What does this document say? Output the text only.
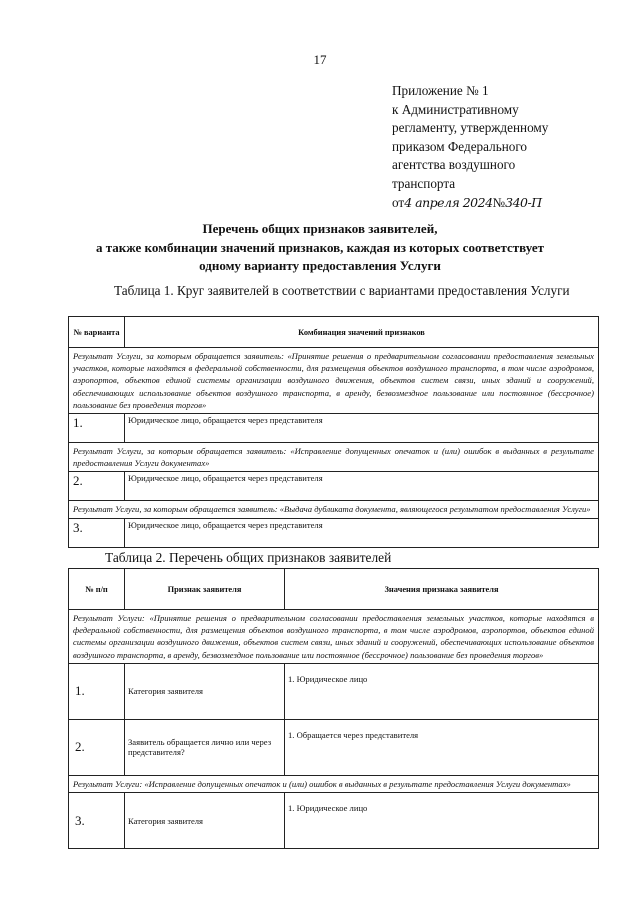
17
Приложение № 1
к Административному
регламенту, утвержденному
приказом Федерального
агентства воздушного
транспорта
от4 апреля 2024№340-П
Перечень общих признаков заявителей,
а также комбинации значений признаков, каждая из которых соответствует
одному варианту предоставления Услуги
Таблица 1. Круг заявителей в соответствии с вариантами предоставления Услуги
№ варианта	Комбинация значений признаков
Результат Услуги, за которым обращается заявитель: «Принятие решения о предварительном согласовании предоставления земельных участков, которые находятся в федеральной собственности, для размещения объектов воздушного транспорта, в том числе аэродромов, аэропортов, объектов единой системы организации воздушного движения, объектов систем связи, иных зданий и сооружений, обеспечивающих использование объектов воздушного транспорта, в аренду, безвозмездное пользование или постоянное (бессрочное) пользование без проведения торгов»	
1.	Юридическое лицо, обращается через представителя
Результат Услуги, за которым обращается заявитель: «Исправление допущенных опечаток и (или) ошибок в выданных в результате предоставления Услуги документах»	
2.	Юридическое лицо, обращается через представителя
Результат Услуги, за которым обращается заявитель: «Выдача дубликата документа, являющегося результатом предоставления Услуги»	
3.	Юридическое лицо, обращается через представителя
Таблица 2. Перечень общих признаков заявителей
№ п/п	Признак заявителя	Значения признака заявителя
Результат Услуги: «Принятие решения о предварительном согласовании предоставления земельных участков, которые находятся в федеральной собственности, для размещения объектов воздушного транспорта, в том числе аэродромов, аэропортов, объектов единой системы организации воздушного движения, объектов систем связи, иных зданий и сооружений, обеспечивающих использование объектов воздушного транспорта, в аренду, безвозмездное пользование или постоянное (бессрочное) пользование без проведения торгов»		
1.	Категория заявителя	1. Юридическое лицо
2.	Заявитель обращается лично или через представителя?	1. Обращается через представителя
Результат Услуги: «Исправление допущенных опечаток и (или) ошибок в выданных в результате предоставления Услуги документах»		
3.	Категория заявителя	1. Юридическое лицо
